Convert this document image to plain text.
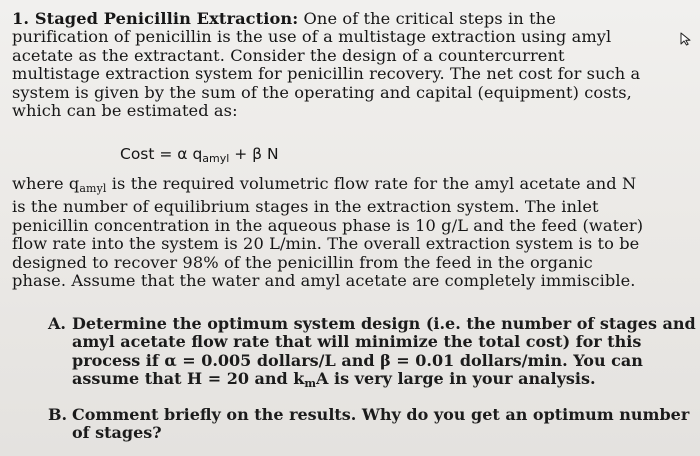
1. Staged Penicillin Extraction: One of the critical steps in the
purification of penicillin is the use of a multistage extraction using amyl
acetate as the extractant. Consider the design of a countercurrent
multistage extraction system for penicillin recovery. The net cost for such a
system is given by the sum of the operating and capital (equipment) costs,
which can be estimated as:
Cost = α $q_{amyl} + \beta$ N
where $q_{amyl}$ is the required volumetric flow rate for the amyl acetate and N
is the number of equilibrium stages in the extraction system. The inlet
penicillin concentration in the aqueous phase is 10 g/L and the feed (water)
flow rate into the system is 20 L/min. The overall extraction system is to be
designed to recover 98% of the penicillin from the feed in the organic
phase. Assume that the water and amyl acetate are completely immiscible.
A. Determine the optimum system design (i.e. the number of stages and
amyl acetate flow rate that will minimize the total cost) for this
process if α = 0.005 dollars/L and β = 0.01 dollars/min. You can
assume that H = 20 and $k_mA$ is very large in your analysis.
B. Comment briefly on the results. Why do you get an optimum number
of stages?
